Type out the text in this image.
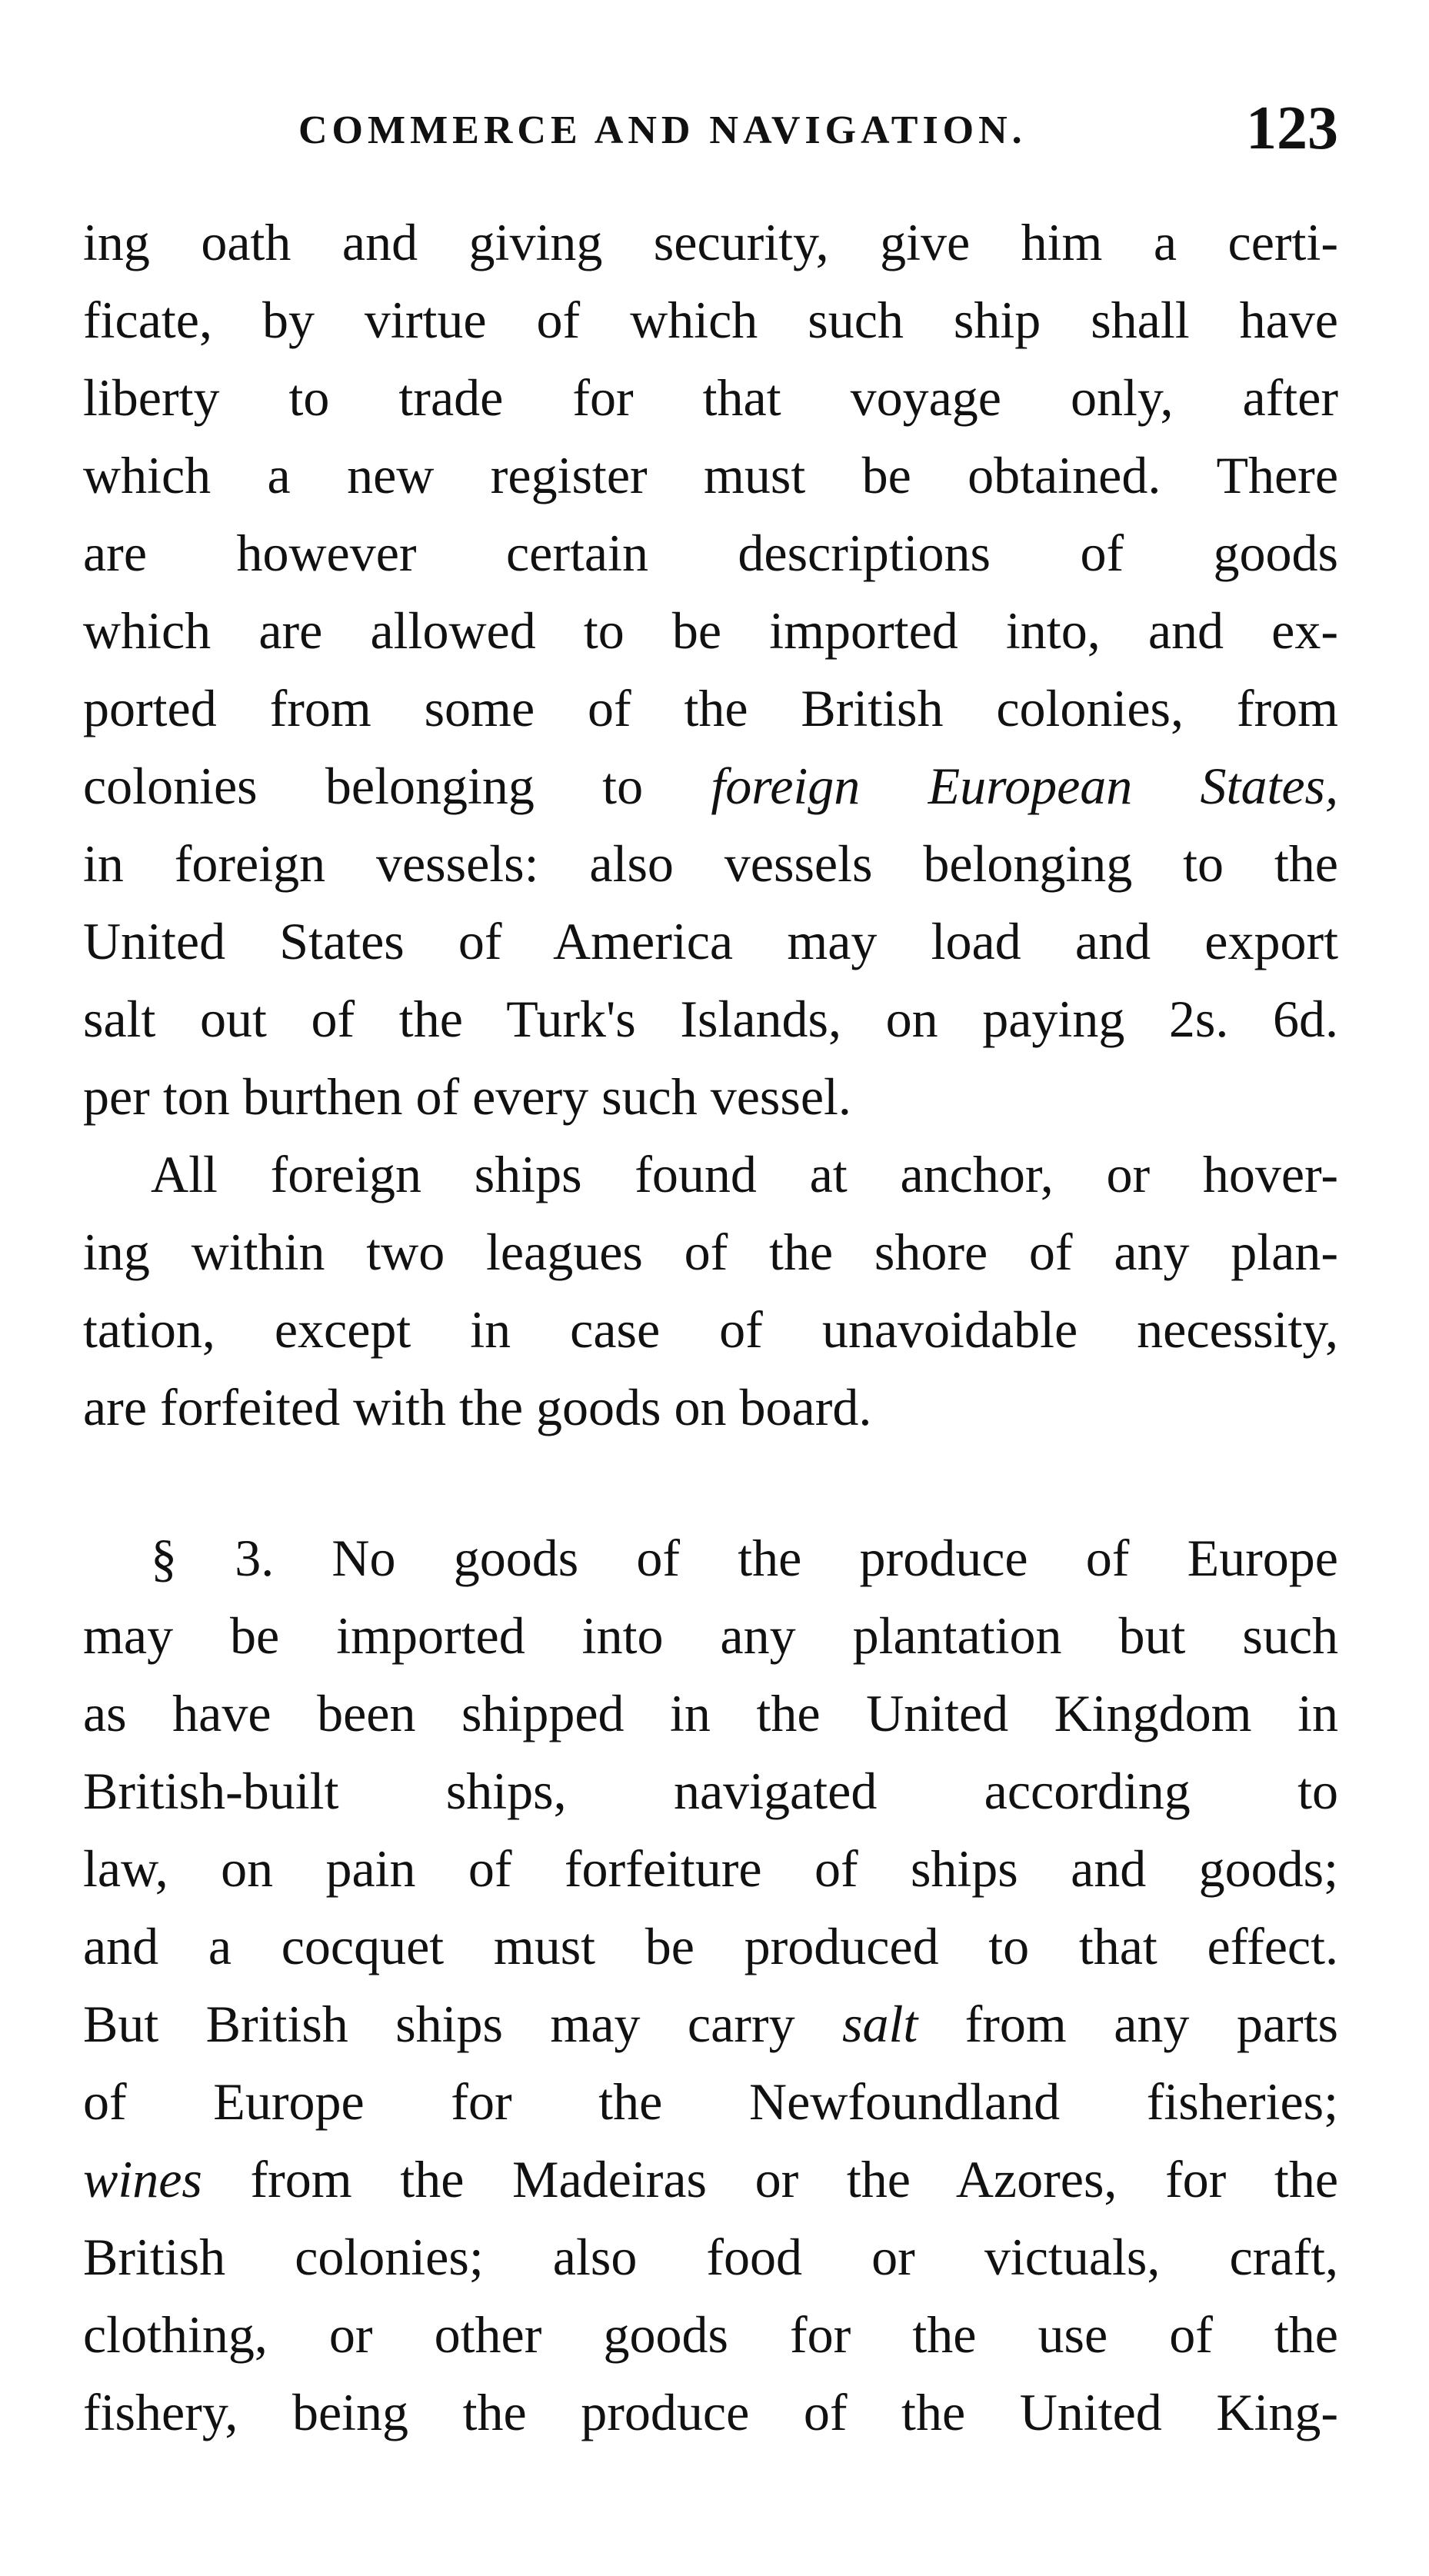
COMMERCE AND NAVIGATION.	123
ing oath and giving security, give him a certi-
ficate, by virtue of which such ship shall have
liberty to trade for that voyage only, after
which a new register must be obtained. There
are however certain descriptions of goods
which are allowed to be imported into, and ex-
ported from some of the British colonies, from
colonies belonging to foreign European States,
in foreign vessels: also vessels belonging to the
United States of America may load and export
salt out of the Turk's Islands, on paying 2s. 6d.
per ton burthen of every such vessel.
All foreign ships found at anchor, or hover-
ing within two leagues of the shore of any plan-
tation, except in case of unavoidable necessity,
are forfeited with the goods on board.
§ 3. No goods of the produce of Europe
may be imported into any plantation but such
as have been shipped in the United Kingdom in
British-built ships, navigated according to
law, on pain of forfeiture of ships and goods;
and a cocquet must be produced to that effect.
But British ships may carry salt from any parts
of Europe for the Newfoundland fisheries;
wines from the Madeiras or the Azores, for the
British colonies; also food or victuals, craft,
clothing, or other goods for the use of the
fishery, being the produce of the United King-
